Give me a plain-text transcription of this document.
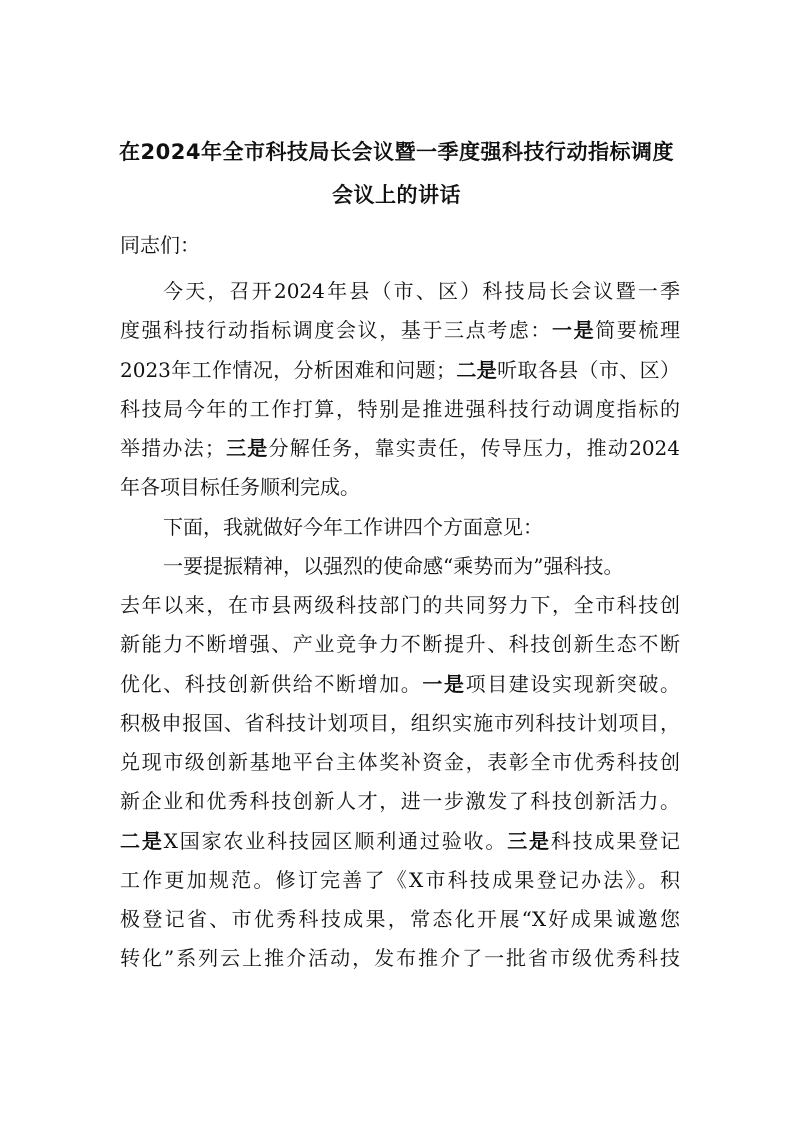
在2024年全市科技局长会议暨一季度强科技行动指标调度
会议上的讲话
同志们：
今天，召开2024年县（市、区）科技局长会议暨一季
度强科技行动指标调度会议，基于三点考虑：一是简要梳理
2023年工作情况，分析困难和问题；二是听取各县（市、区）
科技局今年的工作打算，特别是推进强科技行动调度指标的
举措办法；三是分解任务，靠实责任，传导压力，推动2024
年各项目标任务顺利完成。
下面，我就做好今年工作讲四个方面意见：
一要提振精神，以强烈的使命感“乘势而为”强科技。
去年以来，在市县两级科技部门的共同努力下，全市科技创
新能力不断增强、产业竞争力不断提升、科技创新生态不断
优化、科技创新供给不断增加。一是项目建设实现新突破。
积极申报国、省科技计划项目，组织实施市列科技计划项目，
兑现市级创新基地平台主体奖补资金，表彰全市优秀科技创
新企业和优秀科技创新人才，进一步激发了科技创新活力。
二是X国家农业科技园区顺利通过验收。三是科技成果登记
工作更加规范。修订完善了《X市科技成果登记办法》。积
极登记省、市优秀科技成果，常态化开展“X好成果诚邀您
转化”系列云上推介活动，发布推介了一批省市级优秀科技
